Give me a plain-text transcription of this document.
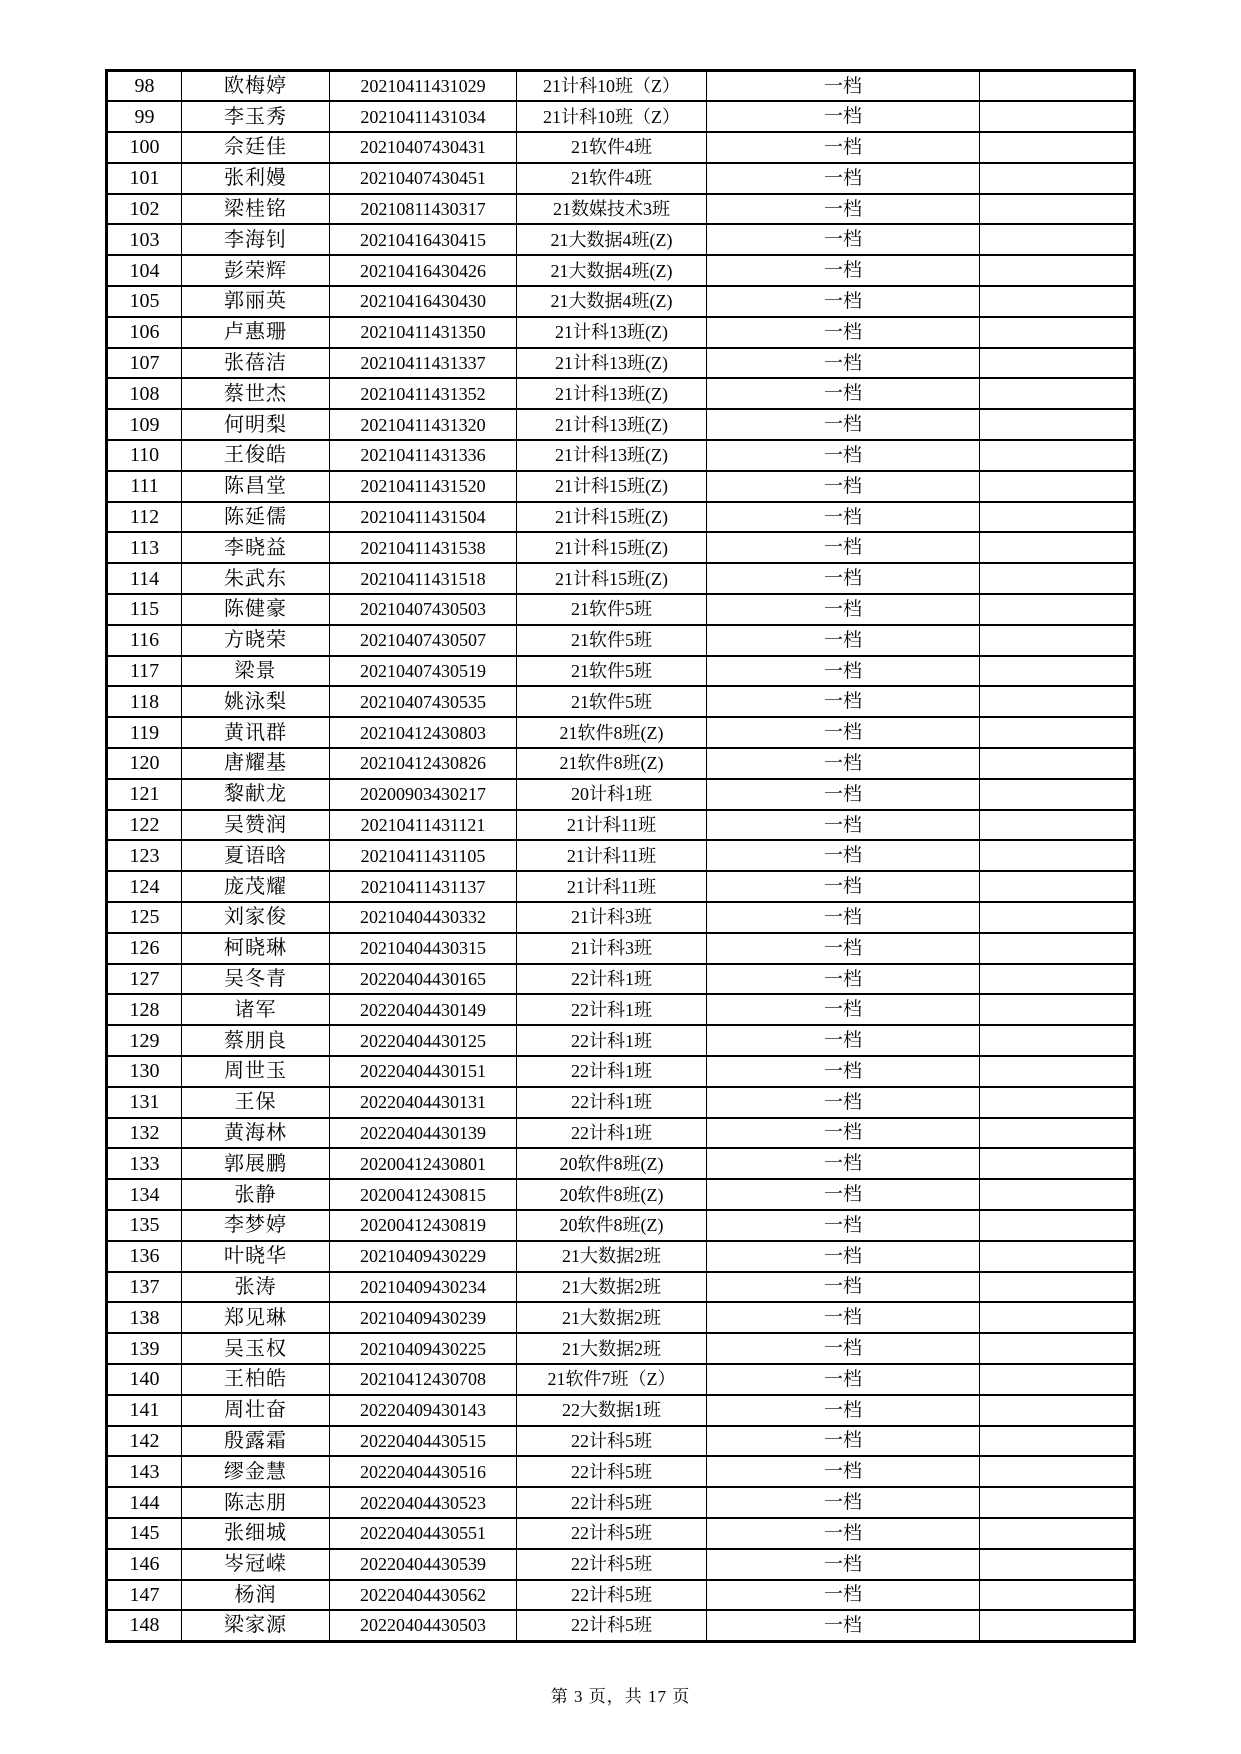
98	欧梅婷	20210411431029	21计科10班（Z）	一档	
99	李玉秀	20210411431034	21计科10班（Z）	一档	
100	佘廷佳	20210407430431	21软件4班	一档	
101	张利嫚	20210407430451	21软件4班	一档	
102	梁桂铭	20210811430317	21数媒技术3班	一档	
103	李海钊	20210416430415	21大数据4班(Z)	一档	
104	彭荣辉	20210416430426	21大数据4班(Z)	一档	
105	郭丽英	20210416430430	21大数据4班(Z)	一档	
106	卢惠珊	20210411431350	21计科13班(Z)	一档	
107	张蓓洁	20210411431337	21计科13班(Z)	一档	
108	蔡世杰	20210411431352	21计科13班(Z)	一档	
109	何明梨	20210411431320	21计科13班(Z)	一档	
110	王俊皓	20210411431336	21计科13班(Z)	一档	
111	陈昌堂	20210411431520	21计科15班(Z)	一档	
112	陈延儒	20210411431504	21计科15班(Z)	一档	
113	李晓益	20210411431538	21计科15班(Z)	一档	
114	朱武东	20210411431518	21计科15班(Z)	一档	
115	陈健豪	20210407430503	21软件5班	一档	
116	方晓荣	20210407430507	21软件5班	一档	
117	梁景	20210407430519	21软件5班	一档	
118	姚泳梨	20210407430535	21软件5班	一档	
119	黄讯群	20210412430803	21软件8班(Z)	一档	
120	唐耀基	20210412430826	21软件8班(Z)	一档	
121	黎献龙	20200903430217	20计科1班	一档	
122	吴赞润	20210411431121	21计科11班	一档	
123	夏语晗	20210411431105	21计科11班	一档	
124	庞茂耀	20210411431137	21计科11班	一档	
125	刘家俊	20210404430332	21计科3班	一档	
126	柯晓琳	20210404430315	21计科3班	一档	
127	吴冬青	20220404430165	22计科1班	一档	
128	诸军	20220404430149	22计科1班	一档	
129	蔡朋良	20220404430125	22计科1班	一档	
130	周世玉	20220404430151	22计科1班	一档	
131	王保	20220404430131	22计科1班	一档	
132	黄海林	20220404430139	22计科1班	一档	
133	郭展鹏	20200412430801	20软件8班(Z)	一档	
134	张静	20200412430815	20软件8班(Z)	一档	
135	李梦婷	20200412430819	20软件8班(Z)	一档	
136	叶晓华	20210409430229	21大数据2班	一档	
137	张涛	20210409430234	21大数据2班	一档	
138	郑见琳	20210409430239	21大数据2班	一档	
139	吴玉权	20210409430225	21大数据2班	一档	
140	王柏皓	20210412430708	21软件7班（Z）	一档	
141	周壮奋	20220409430143	22大数据1班	一档	
142	殷露霜	20220404430515	22计科5班	一档	
143	缪金慧	20220404430516	22计科5班	一档	
144	陈志朋	20220404430523	22计科5班	一档	
145	张细城	20220404430551	22计科5班	一档	
146	岑冠嵘	20220404430539	22计科5班	一档	
147	杨润	20220404430562	22计科5班	一档	
148	梁家源	20220404430503	22计科5班	一档	
第 3 页，共 17 页
